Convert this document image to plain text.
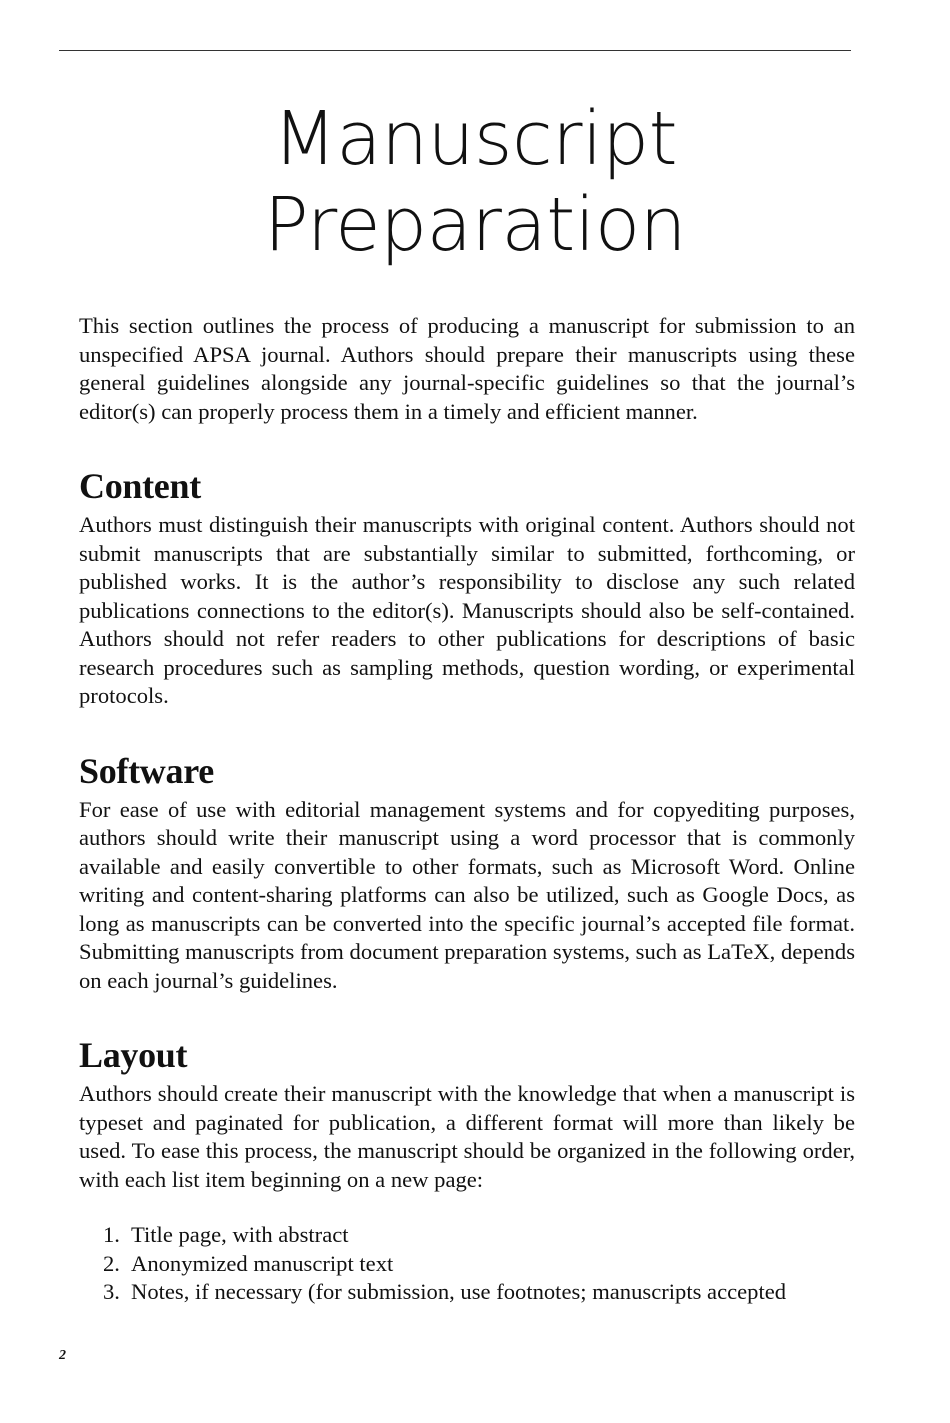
Manuscript
Preparation

This section outlines the process of producing a manuscript for submission to an unspecified APSA journal. Authors should prepare their manuscripts using these general guidelines alongside any journal-specific guidelines so that the journal’s editor(s) can properly process them in a timely and efficient manner.

Content

Authors must distinguish their manuscripts with original content. Authors should not submit manuscripts that are substantially similar to submitted, forthcoming, or published works. It is the author’s responsibility to disclose any such related publications connections to the editor(s). Manuscripts should also be self-contained. Authors should not refer readers to other publications for descriptions of basic research procedures such as sampling methods, question wording, or experimental protocols.

Software

For ease of use with editorial management systems and for copyediting purposes, authors should write their manuscript using a word processor that is commonly available and easily convertible to other formats, such as Microsoft Word. Online writing and content-sharing platforms can also be utilized, such as Google Docs, as long as manuscripts can be converted into the specific journal’s accepted file format. Submitting manuscripts from document preparation systems, such as LaTeX, depends on each journal’s guidelines.

Layout

Authors should create their manuscript with the knowledge that when a manuscript is typeset and paginated for publication, a different format will more than likely be used. To ease this process, the manuscript should be organized in the following order, with each list item beginning on a new page:

1. Title page, with abstract
2. Anonymized manuscript text
3. Notes, if necessary (for submission, use footnotes; manuscripts accepted
2
